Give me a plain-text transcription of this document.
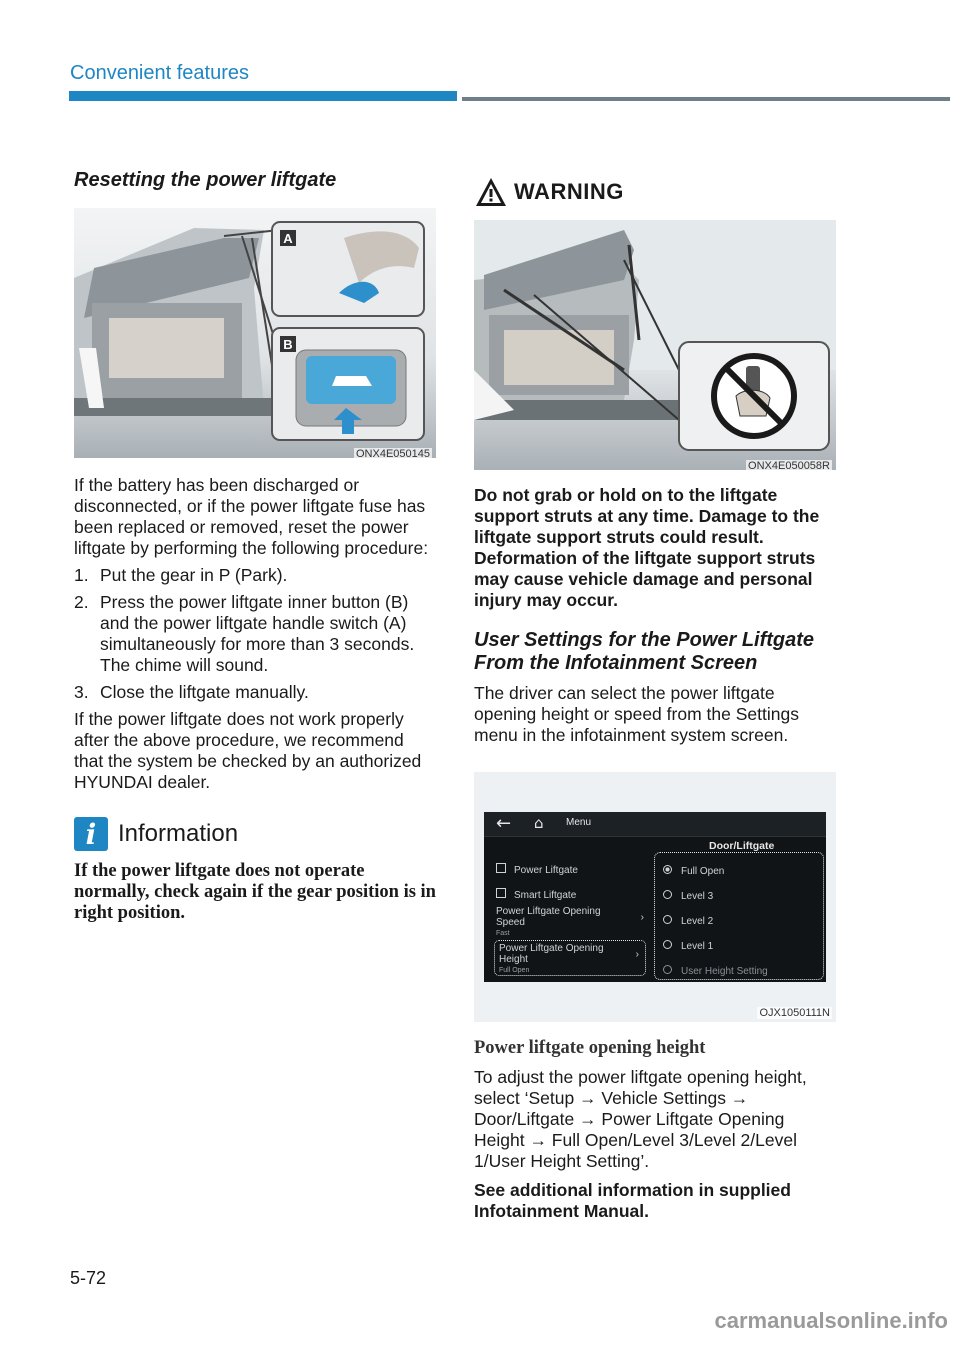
Convenient features
Resetting the power liftgate
A
B
ONX4E050145

If the battery has been discharged or disconnected, or if the power liftgate fuse has been replaced or removed, reset the power liftgate by performing the following procedure:

1. Put the gear in P (Park).
2. Press the power liftgate inner button (B) and the power liftgate handle switch (A) simultaneously for more than 3 seconds. The chime will sound.
3. Close the liftgate manually.

If the power liftgate does not work properly after the above procedure, we recommend that the system be checked by an authorized HYUNDAI dealer.

i Information

If the power liftgate does not operate normally, check again if the gear position is in right position.

WARNING
ONX4E050058R

Do not grab or hold on to the liftgate support struts at any time. Damage to the liftgate support struts could result. Deformation of the liftgate support struts may cause vehicle damage and personal injury may occur.

User Settings for the Power Liftgate From the Infotainment Screen

The driver can select the power liftgate opening height or speed from the Settings menu in the infotainment system screen.

← ⌂ Menu
Door/Liftgate
Power Liftgate
Smart Liftgate
Power Liftgate Opening
Speed
Fast
›
Power Liftgate Opening
Height
Full Open
›
Full Open
Level 3
Level 2
Level 1
User Height Setting
OJX1050111N
Power liftgate opening height

To adjust the power liftgate opening height, select ‘Setup → Vehicle Settings → Door/Liftgate → Power Liftgate Opening Height → Full Open/Level 3/Level 2/Level 1/User Height Setting’.

See additional information in supplied Infotainment Manual.

5-72
carmanualsonline.info
